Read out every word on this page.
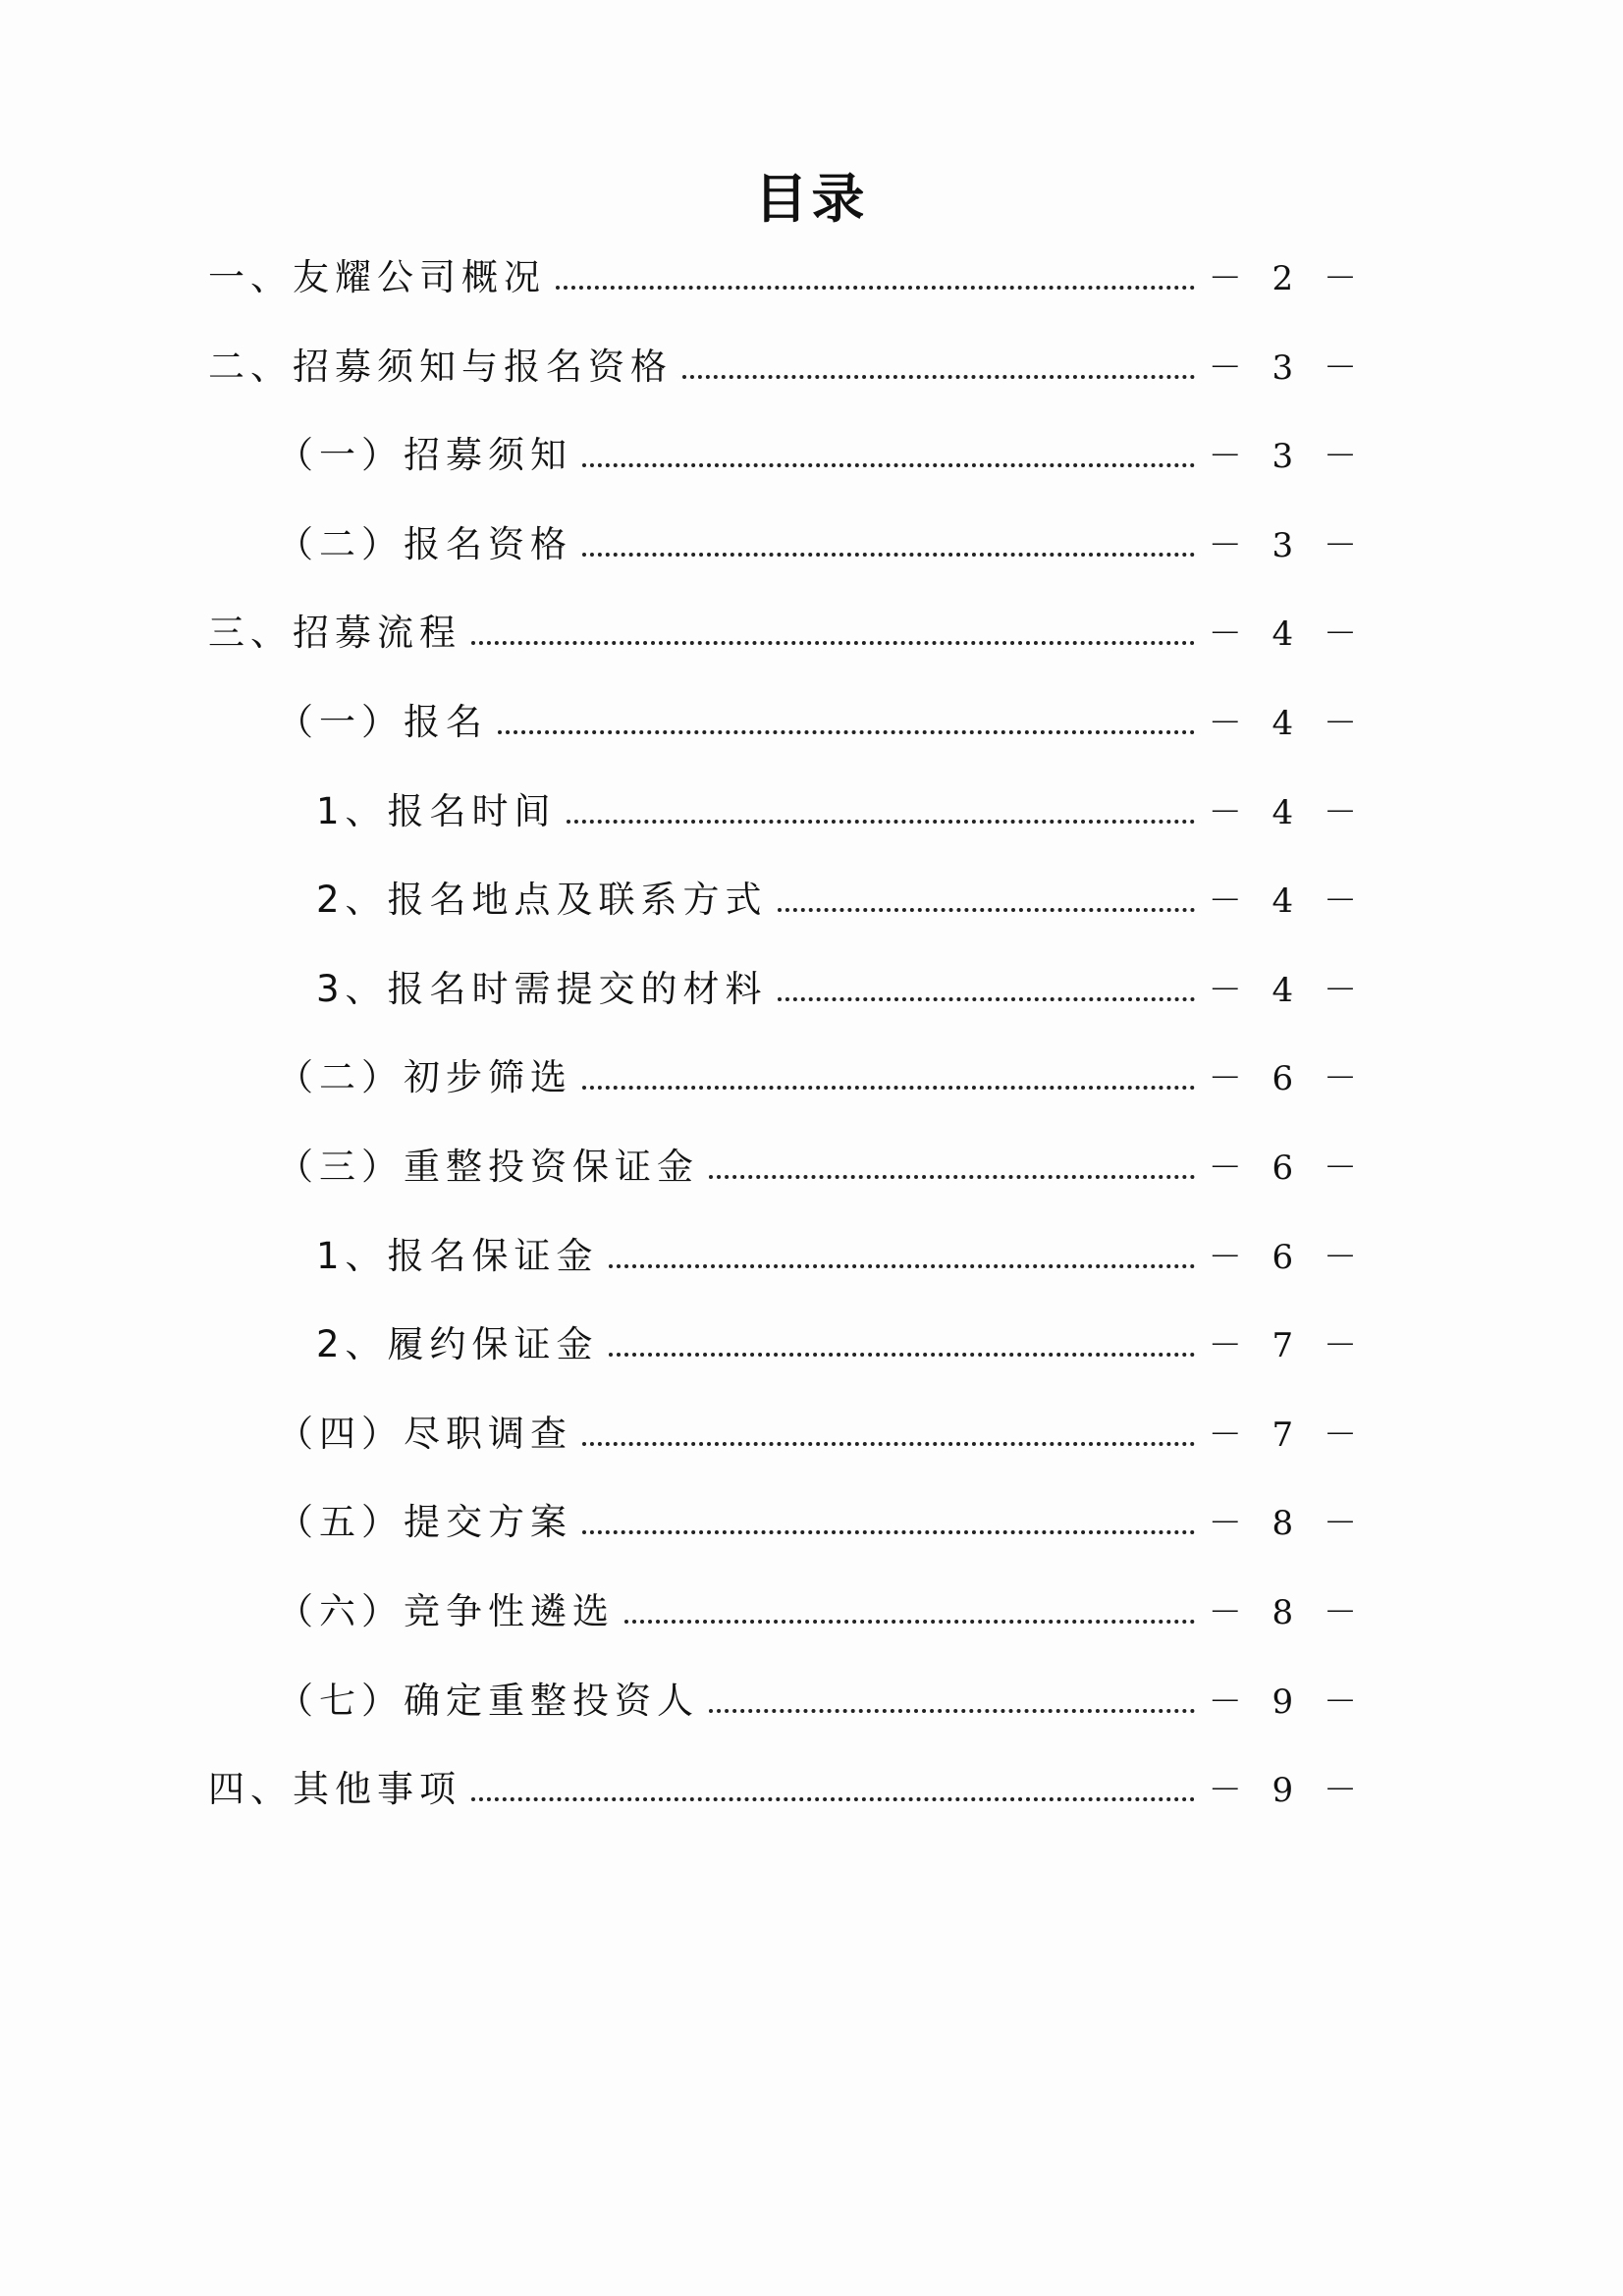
目录
一、友耀公司概况	－ 2 －
二、招募须知与报名资格	－ 3 －
（一）招募须知	－ 3 －
（二）报名资格	－ 3 －
三、招募流程	－ 4 －
（一）报名	－ 4 －
1、报名时间	－ 4 －
2、报名地点及联系方式	－ 4 －
3、报名时需提交的材料	－ 4 －
（二）初步筛选	－ 6 －
（三）重整投资保证金	－ 6 －
1、报名保证金	－ 6 －
2、履约保证金	－ 7 －
（四）尽职调查	－ 7 －
（五）提交方案	－ 8 －
（六）竞争性遴选	－ 8 －
（七）确定重整投资人	－ 9 －
四、其他事项	－ 9 －
